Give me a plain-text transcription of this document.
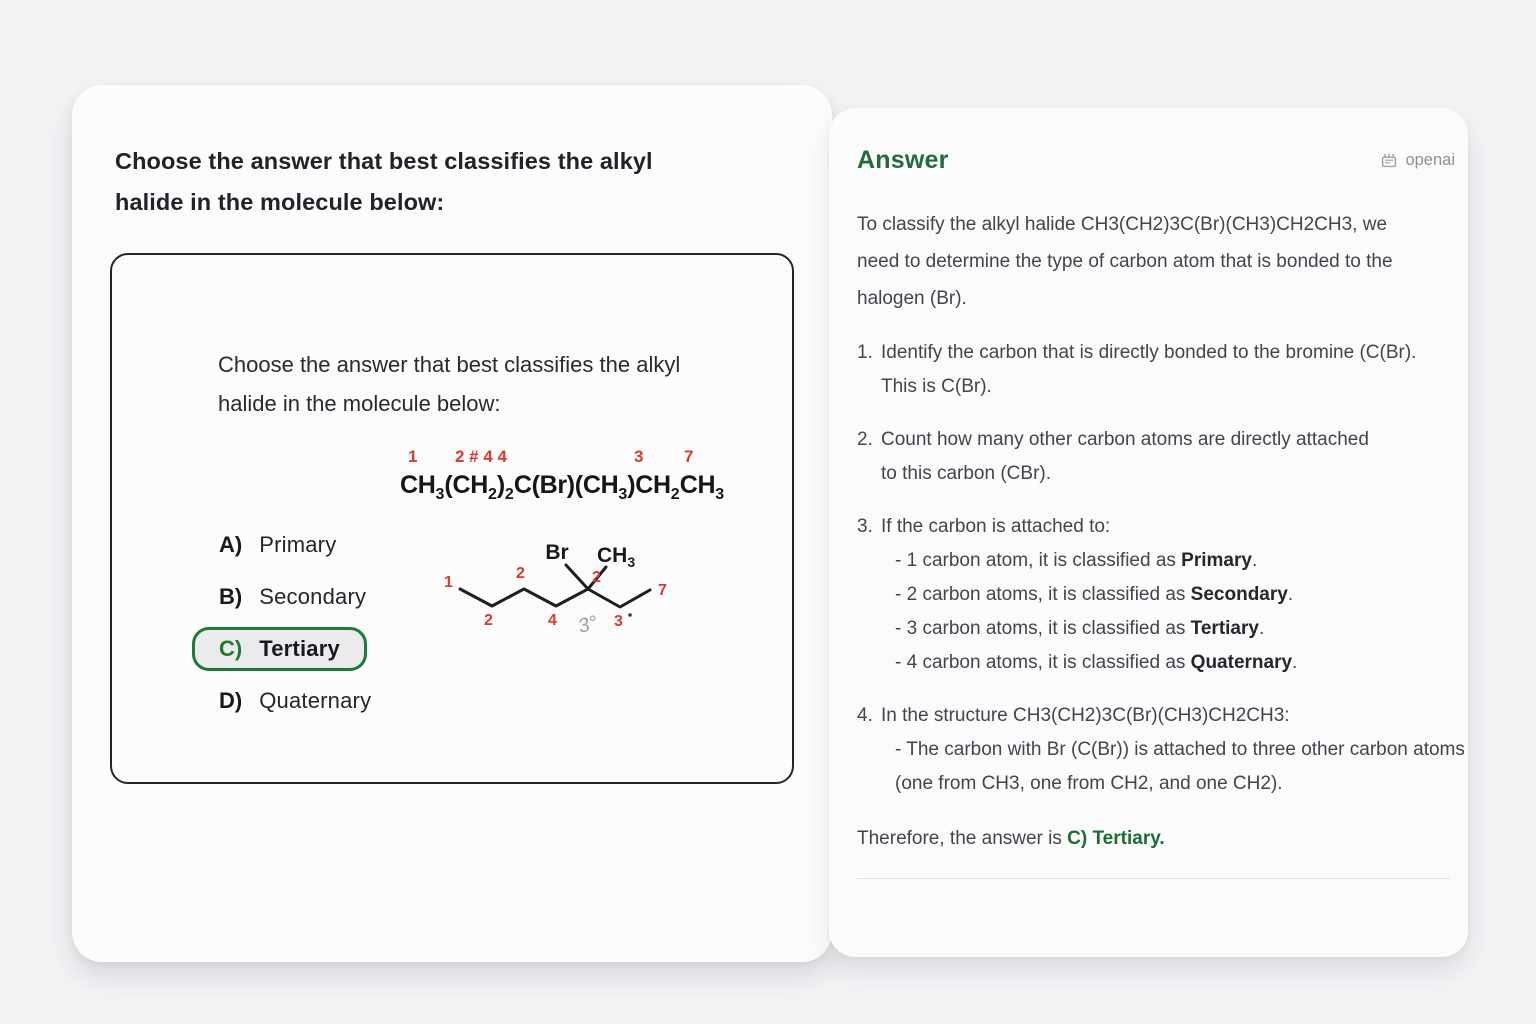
Choose the answer that best classifies the alkyl halide in the molecule below:
Choose the answer that best classifies the alkyl halide in the molecule below:
1 2 # 4 4	3 7
$CH_3(CH_2)_2C(Br)(CH_3)CH_2CH_3$
A) Primary
B) Secondary
C) Tertiary
D) Quaternary
Br $CH_3$
1
2
2
4
2
3
7
3°
Answer	openai
To classify the alkyl halide CH3(CH2)3C(Br)(CH3)CH2CH3, we need to determine the type of carbon atom that is bonded to the halogen (Br).
1. Identify the carbon that is directly bonded to the bromine (C(Br). This is C(Br).
2. Count how many other carbon atoms are directly attached to this carbon (CBr).
3. If the carbon is attached to:
- 1 carbon atom, it is classified as Primary.
- 2 carbon atoms, it is classified as Secondary.
- 3 carbon atoms, it is classified as Tertiary.
- 4 carbon atoms, it is classified as Quaternary.
4. In the structure CH3(CH2)3C(Br)(CH3)CH2CH3:
- The carbon with Br (C(Br)) is attached to three other carbon atoms (one from CH3, one from CH2, and one CH2).
Therefore, the answer is C) Tertiary.
